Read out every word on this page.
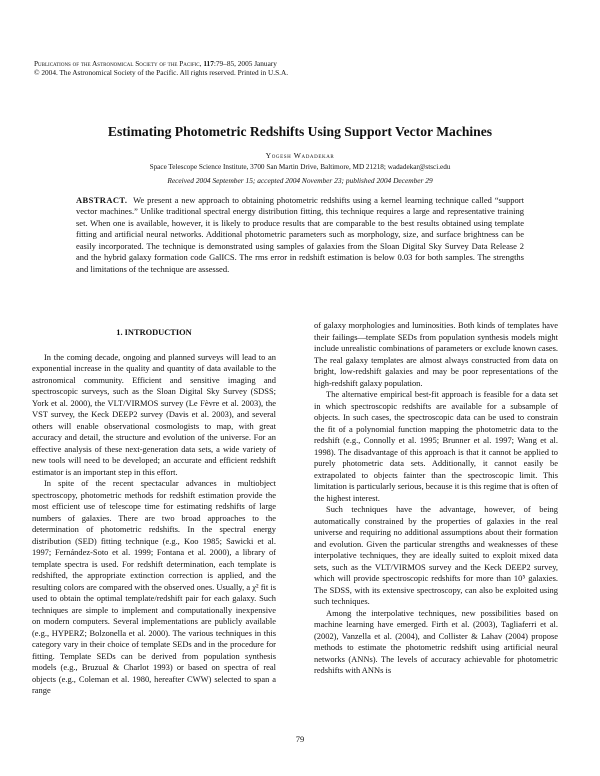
Publications of the Astronomical Society of the Pacific, 117:79–85, 2005 January
© 2004. The Astronomical Society of the Pacific. All rights reserved. Printed in U.S.A.
Estimating Photometric Redshifts Using Support Vector Machines
Yogesh Wadadekar
Space Telescope Science Institute, 3700 San Martin Drive, Baltimore, MD 21218; wadadekar@stsci.edu
Received 2004 September 15; accepted 2004 November 23; published 2004 December 29
ABSTRACT. We present a new approach to obtaining photometric redshifts using a kernel learning technique called “support vector machines.” Unlike traditional spectral energy distribution fitting, this technique requires a large and representative training set. When one is available, however, it is likely to produce results that are comparable to the best results obtained using template fitting and artificial neural networks. Additional photometric parameters such as morphology, size, and surface brightness can be easily incorporated. The technique is demonstrated using samples of galaxies from the Sloan Digital Sky Survey Data Release 2 and the hybrid galaxy formation code GalICS. The rms error in redshift estimation is below 0.03 for both samples. The strengths and limitations of the technique are assessed.
1. INTRODUCTION

In the coming decade, ongoing and planned surveys will lead to an exponential increase in the quality and quantity of data available to the astronomical community. Efficient and sensitive imaging and spectroscopic surveys, such as the Sloan Digital Sky Survey (SDSS; York et al. 2000), the VLT/VIRMOS survey (Le Fèvre et al. 2003), the VST survey, the Keck DEEP2 survey (Davis et al. 2003), and several others will enable observational cosmologists to map, with great accuracy and detail, the structure and evolution of the universe. For an effective analysis of these next-generation data sets, a wide variety of new tools will need to be developed; an accurate and efficient redshift estimator is an important step in this effort.

In spite of the recent spectacular advances in multiobject spectroscopy, photometric methods for redshift estimation provide the most efficient use of telescope time for estimating redshifts of large numbers of galaxies. There are two broad approaches to the determination of photometric redshifts. In the spectral energy distribution (SED) fitting technique (e.g., Koo 1985; Sawicki et al. 1997; Fernández-Soto et al. 1999; Fontana et al. 2000), a library of template spectra is used. For redshift determination, each template is redshifted, the appropriate extinction correction is applied, and the resulting colors are compared with the observed ones. Usually, a χ² fit is used to obtain the optimal template/redshift pair for each galaxy. Such techniques are simple to implement and computationally inexpensive on modern computers. Several implementations are publicly available (e.g., HYPERZ; Bolzonella et al. 2000). The various techniques in this category vary in their choice of template SEDs and in the procedure for fitting. Template SEDs can be derived from population synthesis models (e.g., Bruzual & Charlot 1993) or based on spectra of real objects (e.g., Coleman et al. 1980, hereafter CWW) selected to span a range

of galaxy morphologies and luminosities. Both kinds of templates have their failings—template SEDs from population synthesis models might include unrealistic combinations of parameters or exclude known cases. The real galaxy templates are almost always constructed from data on bright, low-redshift galaxies and may be poor representations of the high-redshift galaxy population.

The alternative empirical best-fit approach is feasible for a data set in which spectroscopic redshifts are available for a subsample of objects. In such cases, the spectroscopic data can be used to constrain the fit of a polynomial function mapping the photometric data to the redshift (e.g., Connolly et al. 1995; Brunner et al. 1997; Wang et al. 1998). The disadvantage of this approach is that it cannot be applied to purely photometric data sets. Additionally, it cannot easily be extrapolated to objects fainter than the spectroscopic limit. This limitation is particularly serious, because it is this regime that is often of the highest interest.

Such techniques have the advantage, however, of being automatically constrained by the properties of galaxies in the real universe and requiring no additional assumptions about their formation and evolution. Given the particular strengths and weaknesses of these interpolative techniques, they are ideally suited to exploit mixed data sets, such as the VLT/VIRMOS survey and the Keck DEEP2 survey, which will provide spectroscopic redshifts for more than 10⁵ galaxies. The SDSS, with its extensive spectroscopy, can also be exploited using such techniques.

Among the interpolative techniques, new possibilities based on machine learning have emerged. Firth et al. (2003), Tagliaferri et al. (2002), Vanzella et al. (2004), and Collister & Lahav (2004) propose methods to estimate the photometric redshift using artificial neural networks (ANNs). The levels of accuracy achievable for photometric redshifts with ANNs is

79
